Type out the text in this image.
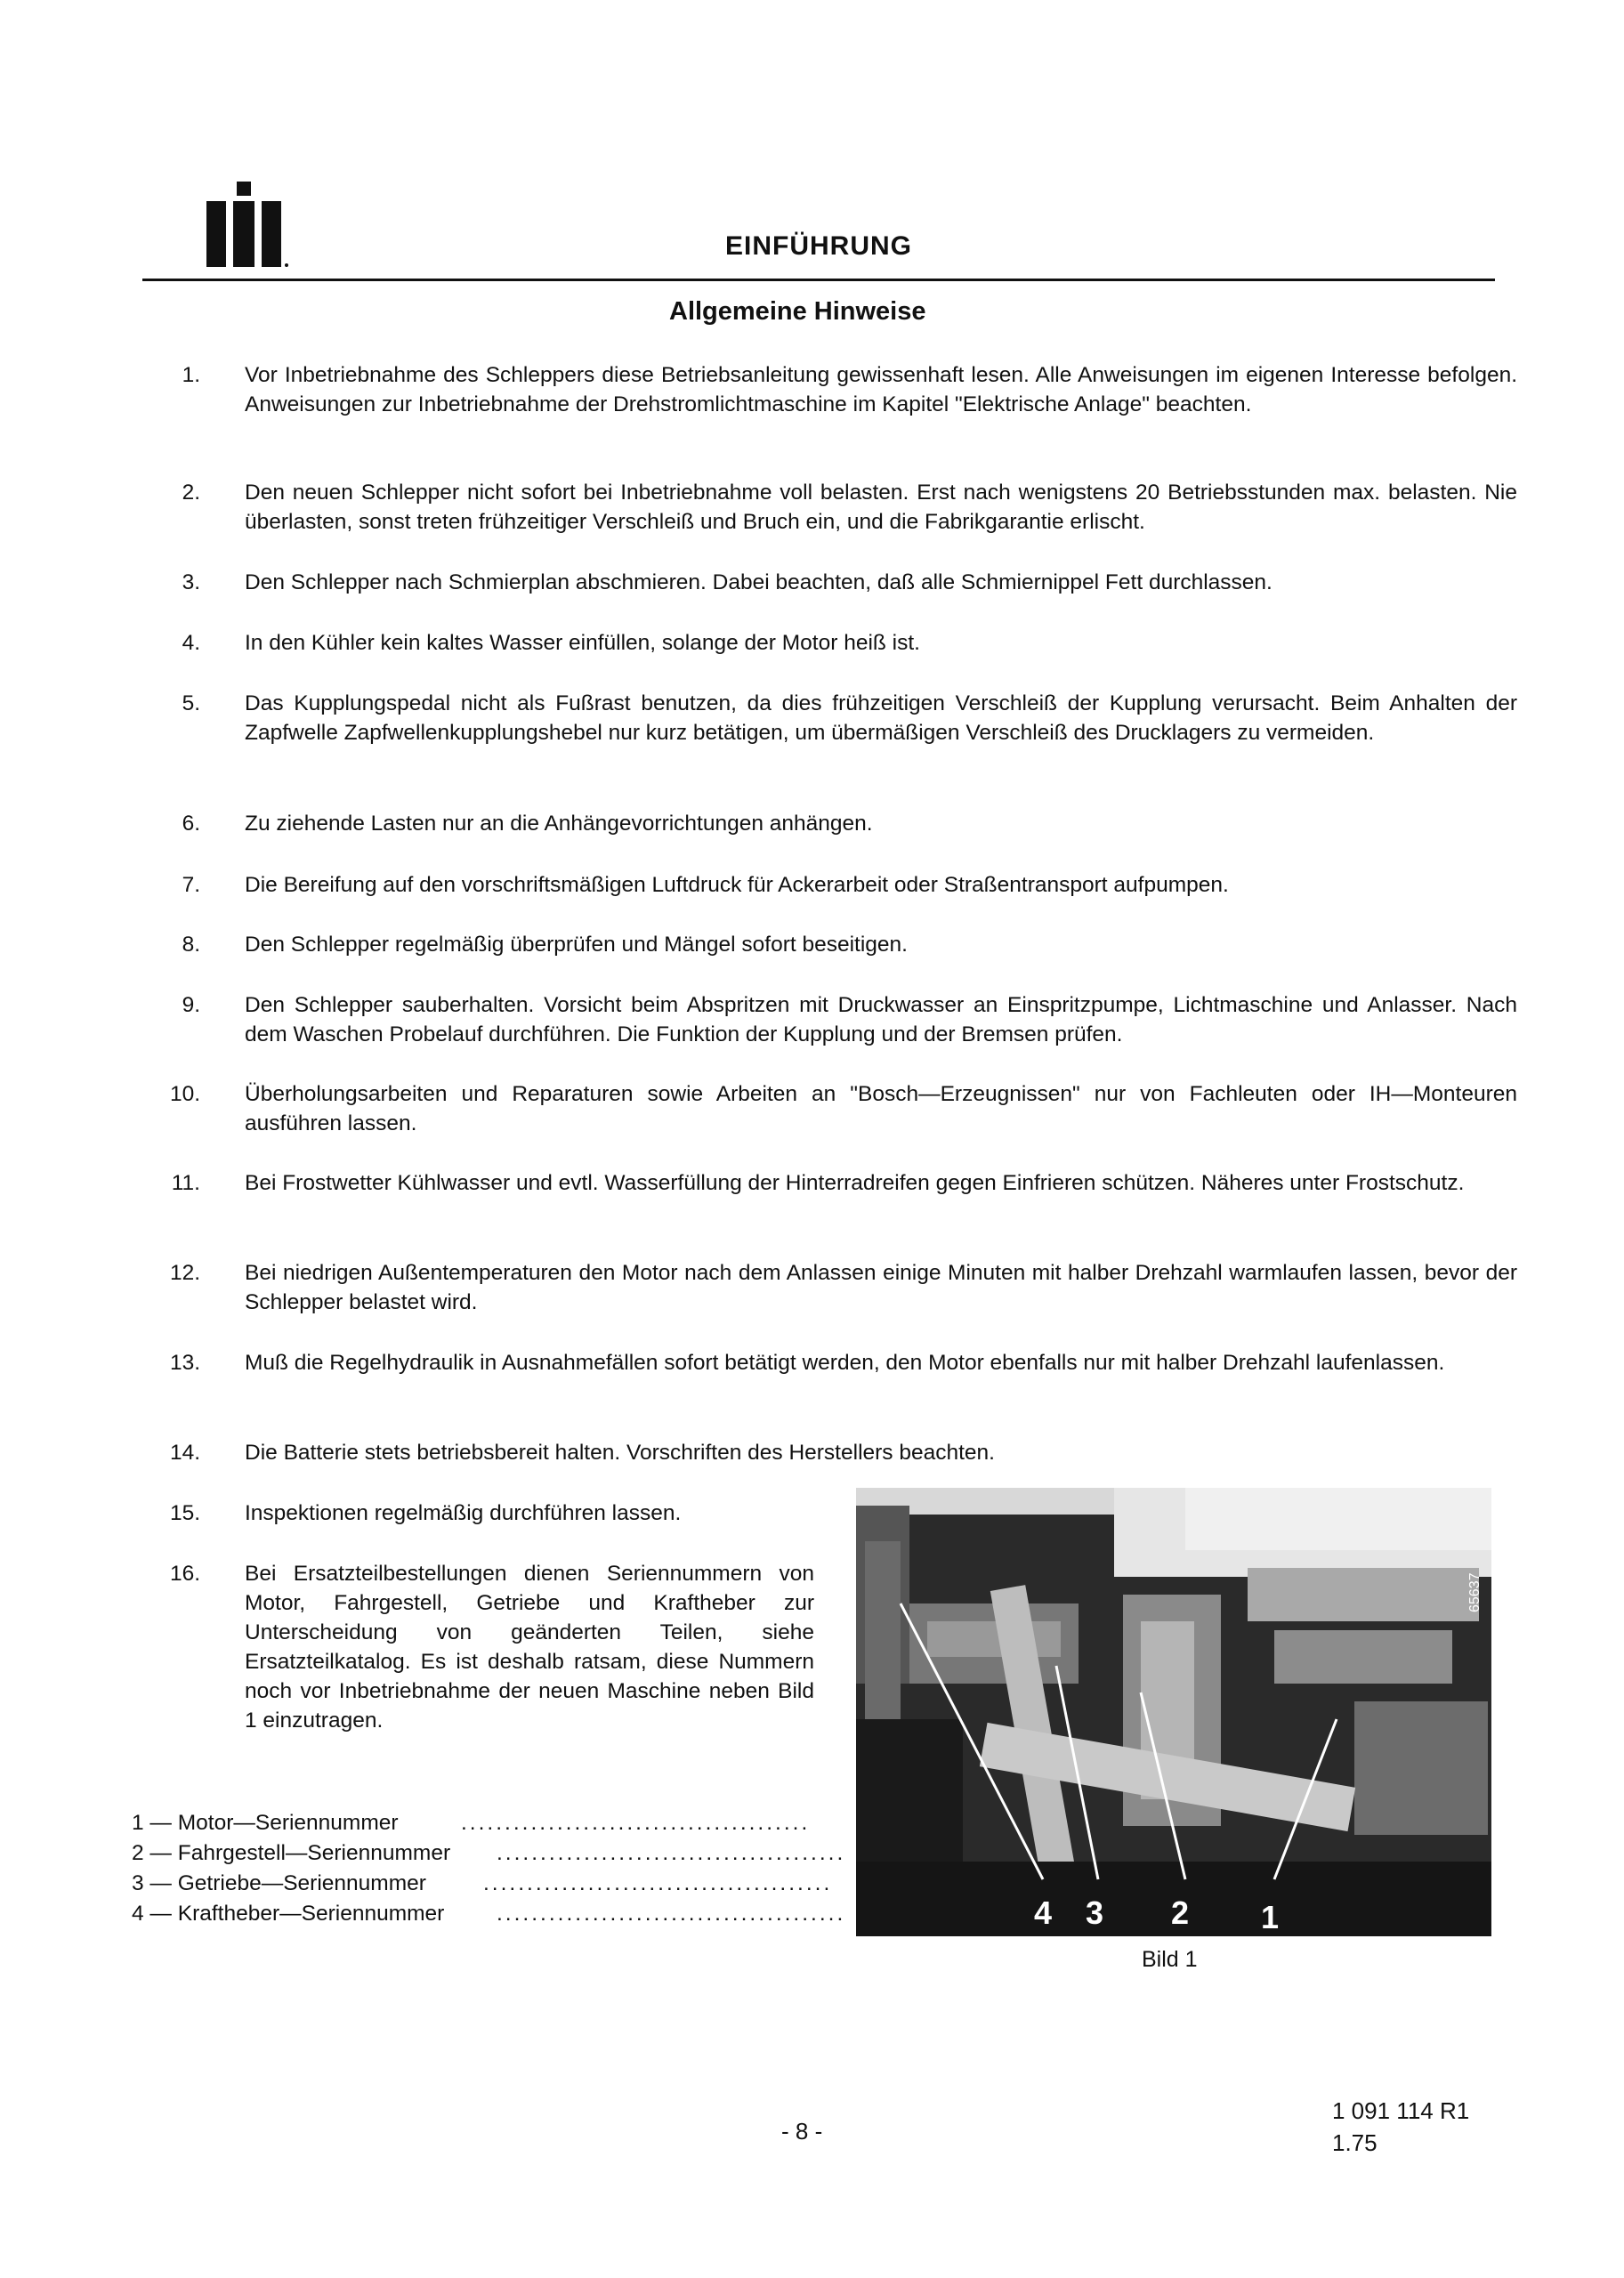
EINFÜHRUNG
Allgemeine Hinweise
1. Vor Inbetriebnahme des Schleppers diese Betriebsanleitung gewissenhaft lesen. Alle Anweisungen im eigenen Interesse befolgen. Anweisungen zur Inbetriebnahme der Drehstromlichtmaschine im Kapitel "Elektrische Anlage" beachten.
2. Den neuen Schlepper nicht sofort bei Inbetriebnahme voll belasten. Erst nach wenigstens 20 Betriebsstunden max. belasten. Nie überlasten, sonst treten frühzeitiger Verschleiß und Bruch ein, und die Fabrikgarantie erlischt.
3. Den Schlepper nach Schmierplan abschmieren. Dabei beachten, daß alle Schmiernippel Fett durchlassen.
4. In den Kühler kein kaltes Wasser einfüllen, solange der Motor heiß ist.
5. Das Kupplungspedal nicht als Fußrast benutzen, da dies frühzeitigen Verschleiß der Kupplung verursacht. Beim Anhalten der Zapfwelle Zapfwellenkupplungshebel nur kurz betätigen, um übermäßigen Verschleiß des Drucklagers zu vermeiden.
6. Zu ziehende Lasten nur an die Anhängevorrichtungen anhängen.
7. Die Bereifung auf den vorschriftsmäßigen Luftdruck für Ackerarbeit oder Straßentransport aufpumpen.
8. Den Schlepper regelmäßig überprüfen und Mängel sofort beseitigen.
9. Den Schlepper sauberhalten. Vorsicht beim Abspritzen mit Druckwasser an Einspritzpumpe, Lichtmaschine und Anlasser. Nach dem Waschen Probelauf durchführen. Die Funktion der Kupplung und der Bremsen prüfen.
10. Überholungsarbeiten und Reparaturen sowie Arbeiten an "Bosch—Erzeugnissen" nur von Fachleuten oder IH—Monteuren ausführen lassen.
11. Bei Frostwetter Kühlwasser und evtl. Wasserfüllung der Hinterradreifen gegen Einfrieren schützen. Näheres unter Frostschutz.
12. Bei niedrigen Außentemperaturen den Motor nach dem Anlassen einige Minuten mit halber Drehzahl warmlaufen lassen, bevor der Schlepper belastet wird.
13. Muß die Regelhydraulik in Ausnahmefällen sofort betätigt werden, den Motor ebenfalls nur mit halber Drehzahl laufenlassen.
14. Die Batterie stets betriebsbereit halten. Vorschriften des Herstellers beachten.
15. Inspektionen regelmäßig durchführen lassen.
16. Bei Ersatzteilbestellungen dienen Seriennummern von Motor, Fahrgestell, Getriebe und Kraftheber zur Unterscheidung von geänderten Teilen, siehe Ersatzteilkatalog. Es ist deshalb ratsam, diese Nummern noch vor Inbetriebnahme der neuen Maschine neben Bild 1 einzutragen.
1 — Motor—Seriennummer	........................................
2 — Fahrgestell—Seriennummer	........................................
3 — Getriebe—Seriennummer	........................................
4 — Kraftheber—Seriennummer	........................................	4 3 2 1
65637
Bild 1
- 8 -
1 091 114 R1
1.75
